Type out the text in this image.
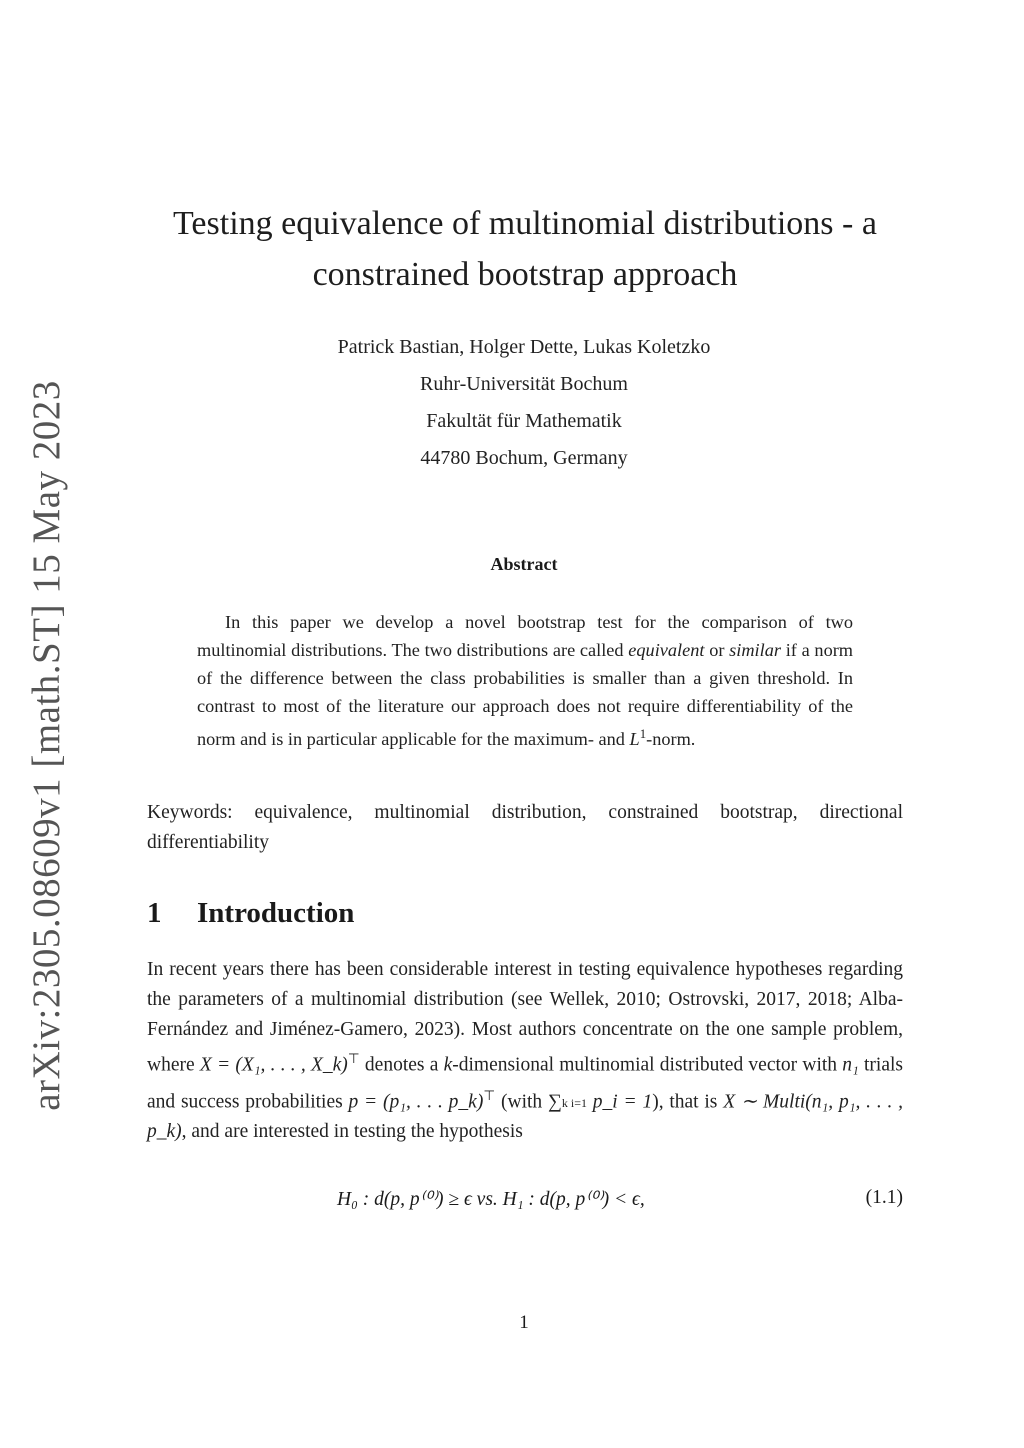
arXiv:2305.08609v1 [math.ST] 15 May 2023
Testing equivalence of multinomial distributions - a constrained bootstrap approach
Patrick Bastian, Holger Dette, Lukas Koletzko
Ruhr-Universität Bochum
Fakultät für Mathematik
44780 Bochum, Germany
Abstract

In this paper we develop a novel bootstrap test for the comparison of two multinomial distributions. The two distributions are called equivalent or similar if a norm of the difference between the class probabilities is smaller than a given threshold. In contrast to most of the literature our approach does not require differentiability of the norm and is in particular applicable for the maximum- and $L^1$-norm.

Keywords: equivalence, multinomial distribution, constrained bootstrap, directional differentiability
1 Introduction

In recent years there has been considerable interest in testing equivalence hypotheses regarding the parameters of a multinomial distribution (see Wellek, 2010; Ostrovski, 2017, 2018; Alba-Fernández and Jiménez-Gamero, 2023). Most authors concentrate on the one sample problem, where X = (X₁, . . . , X_k)⊤ denotes a k-dimensional multinomial distributed vector with n₁ trials and success probabilities p = (p₁, . . . p_k)⊤ (with ∑k i=1 p_i = 1), that is X ∼ Multi(n₁, p₁, . . . , p_k), and are interested in testing the hypothesis

H₀ : d(p, p⁽⁰⁾) ≥ ϵ vs. H₁ : d(p, p⁽⁰⁾) < ϵ,	(1.1)
1
